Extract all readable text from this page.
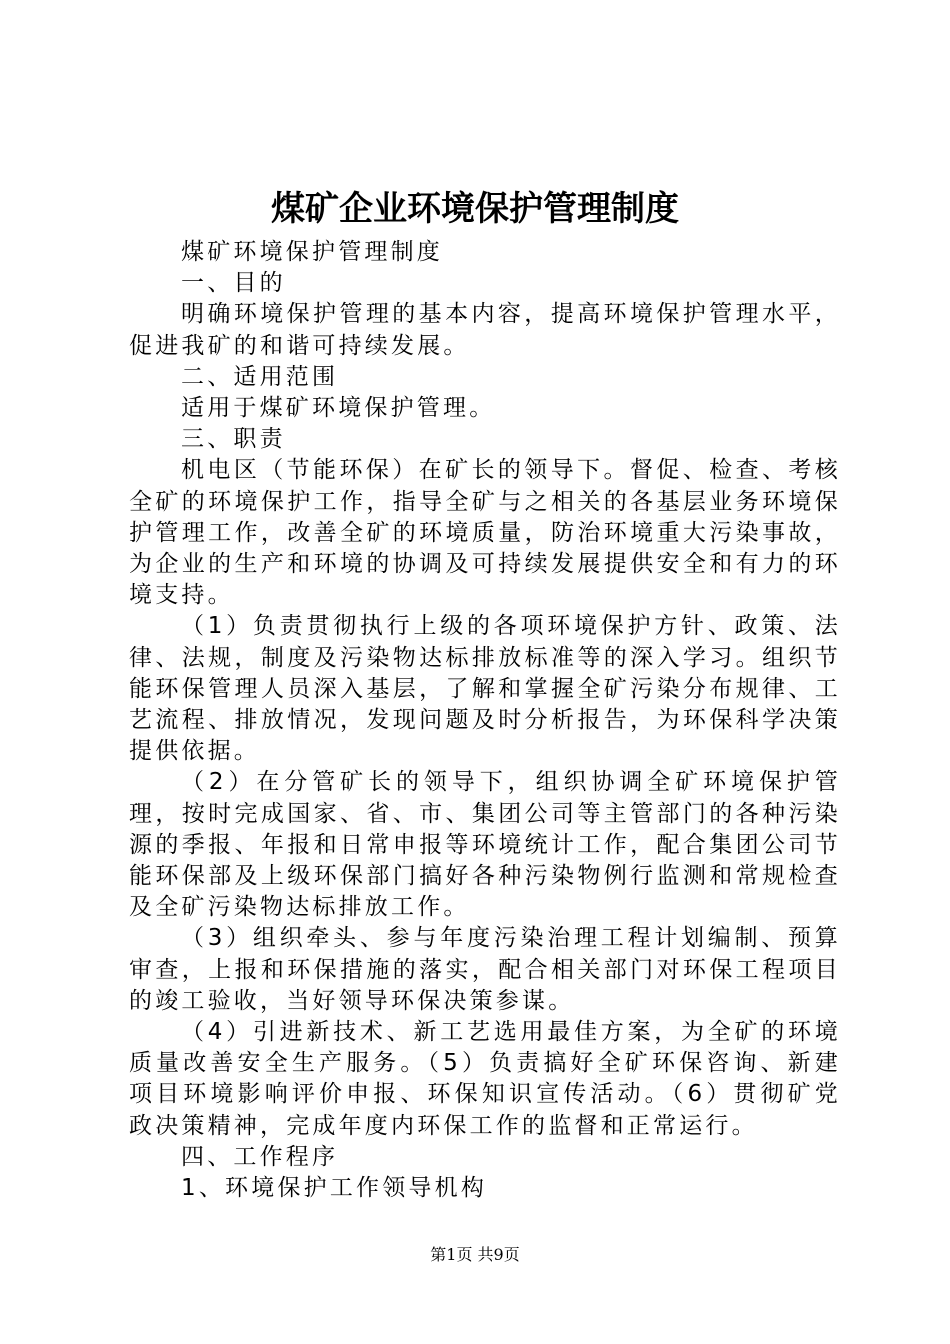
煤矿企业环境保护管理制度

煤矿环境保护管理制度

一、目的

明确环境保护管理的基本内容，提高环境保护管理水平，促进我矿的和谐可持续发展。

二、适用范围

适用于煤矿环境保护管理。

三、职责

机电区（节能环保）在矿长的领导下。督促、检查、考核全矿的环境保护工作，指导全矿与之相关的各基层业务环境保护管理工作，改善全矿的环境质量，防治环境重大污染事故，为企业的生产和环境的协调及可持续发展提供安全和有力的环境支持。

（1）负责贯彻执行上级的各项环境保护方针、政策、法律、法规，制度及污染物达标排放标准等的深入学习。组织节能环保管理人员深入基层，了解和掌握全矿污染分布规律、工艺流程、排放情况，发现问题及时分析报告，为环保科学决策提供依据。

（2）在分管矿长的领导下，组织协调全矿环境保护管理，按时完成国家、省、市、集团公司等主管部门的各种污染源的季报、年报和日常申报等环境统计工作，配合集团公司节能环保部及上级环保部门搞好各种污染物例行监测和常规检查及全矿污染物达标排放工作。

（3）组织牵头、参与年度污染治理工程计划编制、预算审查，上报和环保措施的落实，配合相关部门对环保工程项目的竣工验收，当好领导环保决策参谋。

（4）引进新技术、新工艺选用最佳方案，为全矿的环境质量改善安全生产服务。（5）负责搞好全矿环保咨询、新建项目环境影响评价申报、环保知识宣传活动。（6）贯彻矿党政决策精神，完成年度内环保工作的监督和正常运行。

四、工作程序

1、环境保护工作领导机构

第1页 共9页
